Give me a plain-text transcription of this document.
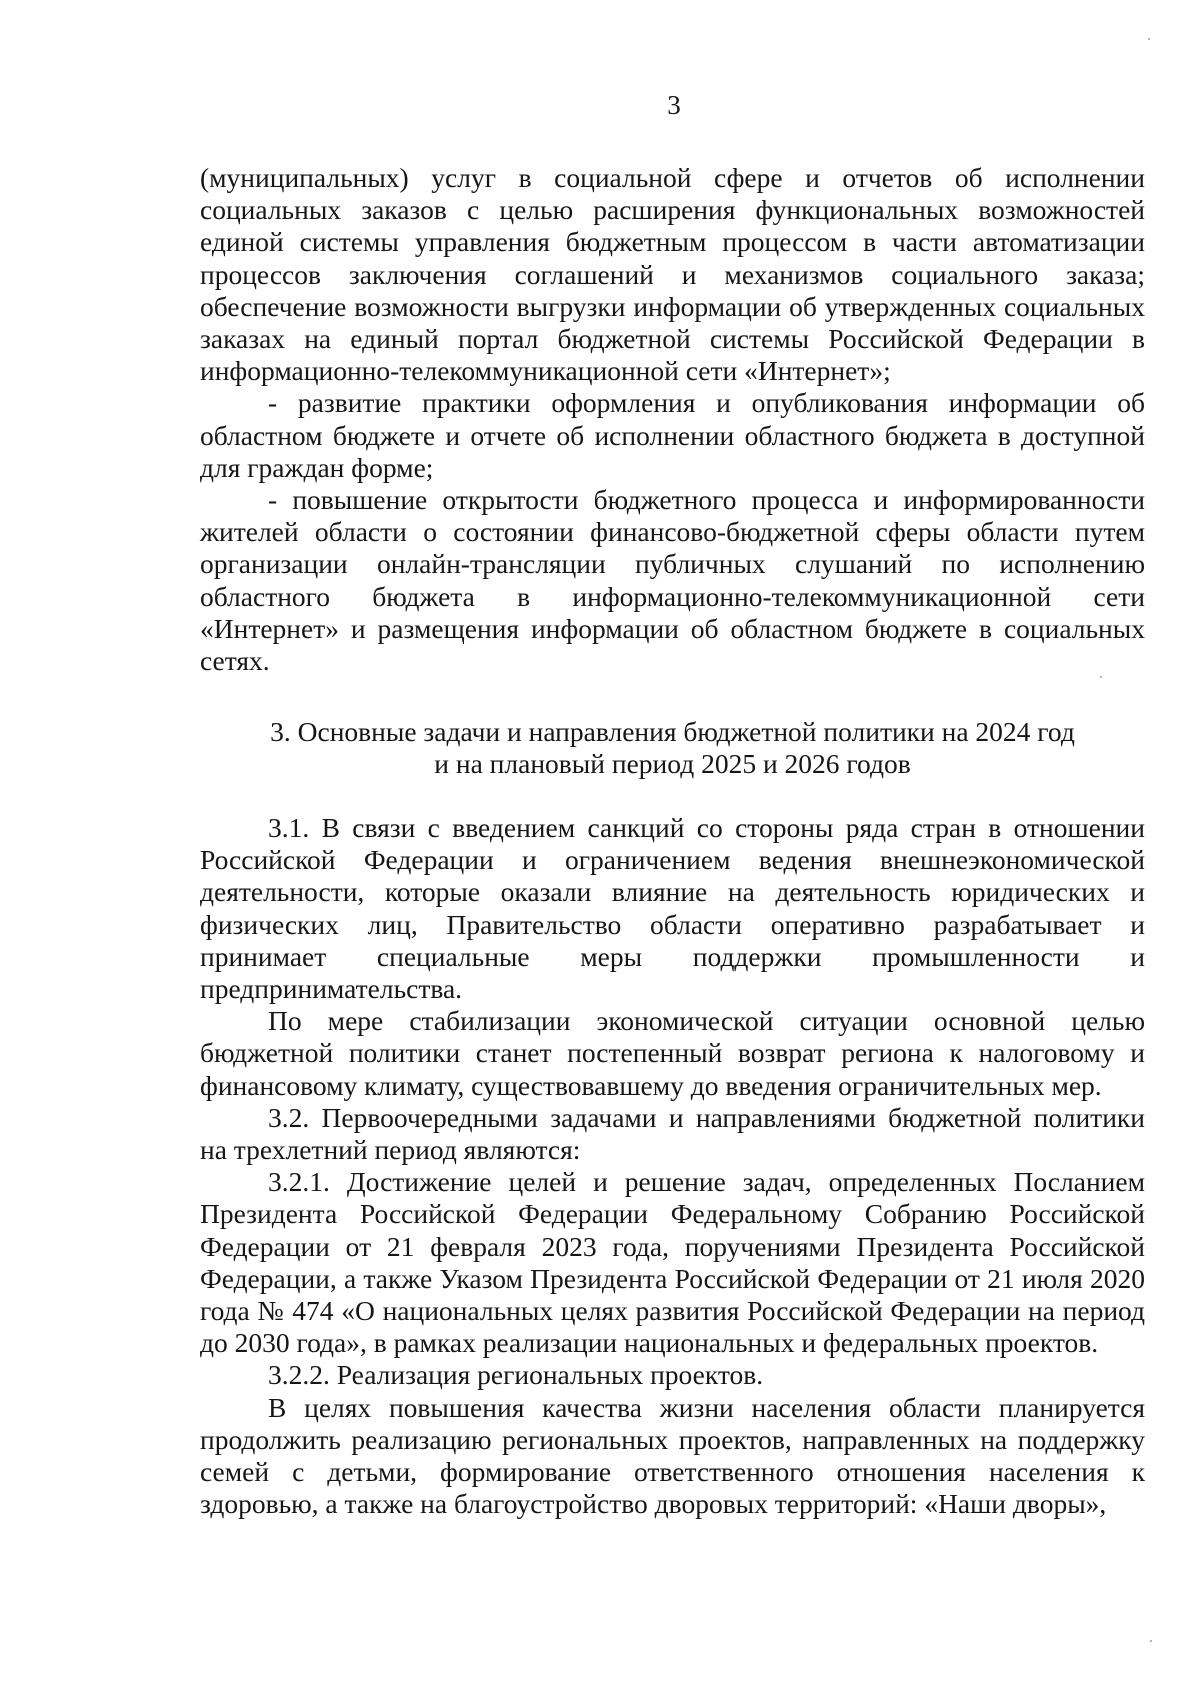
3

(муниципальных) услуг в социальной сфере и отчетов об исполнении социальных заказов с целью расширения функциональных возможностей единой системы управления бюджетным процессом в части автоматизации процессов заключения соглашений и механизмов социального заказа; обеспечение возможности выгрузки информации об утвержденных социальных заказах на единый портал бюджетной системы Российской Федерации в информационно-телекоммуникационной сети «Интернет»;

- развитие практики оформления и опубликования информации об областном бюджете и отчете об исполнении областного бюджета в доступной для граждан форме;

- повышение открытости бюджетного процесса и информированности жителей области о состоянии финансово-бюджетной сферы области путем организации онлайн-трансляции публичных слушаний по исполнению областного бюджета в информационно-телекоммуникационной сети «Интернет» и размещения информации об областном бюджете в социальных сетях.

3. Основные задачи и направления бюджетной политики на 2024 год
и на плановый период 2025 и 2026 годов

3.1. В связи с введением санкций со стороны ряда стран в отношении Российской Федерации и ограничением ведения внешнеэкономической деятельности, которые оказали влияние на деятельность юридических и физических лиц, Правительство области оперативно разрабатывает и принимает специальные меры поддержки промышленности и предпринимательства.

По мере стабилизации экономической ситуации основной целью бюджетной политики станет постепенный возврат региона к налоговому и финансовому климату, существовавшему до введения ограничительных мер.

3.2. Первоочередными задачами и направлениями бюджетной политики на трехлетний период являются:

3.2.1. Достижение целей и решение задач, определенных Посланием Президента Российской Федерации Федеральному Собранию Российской Федерации от 21 февраля 2023 года, поручениями Президента Российской Федерации, а также Указом Президента Российской Федерации от 21 июля 2020 года № 474 «О национальных целях развития Российской Федерации на период до 2030 года», в рамках реализации национальных и федеральных проектов.

3.2.2. Реализация региональных проектов.

В целях повышения качества жизни населения области планируется продолжить реализацию региональных проектов, направленных на поддержку семей с детьми, формирование ответственного отношения населения к здоровью, а также на благоустройство дворовых территорий: «Наши дворы»,
